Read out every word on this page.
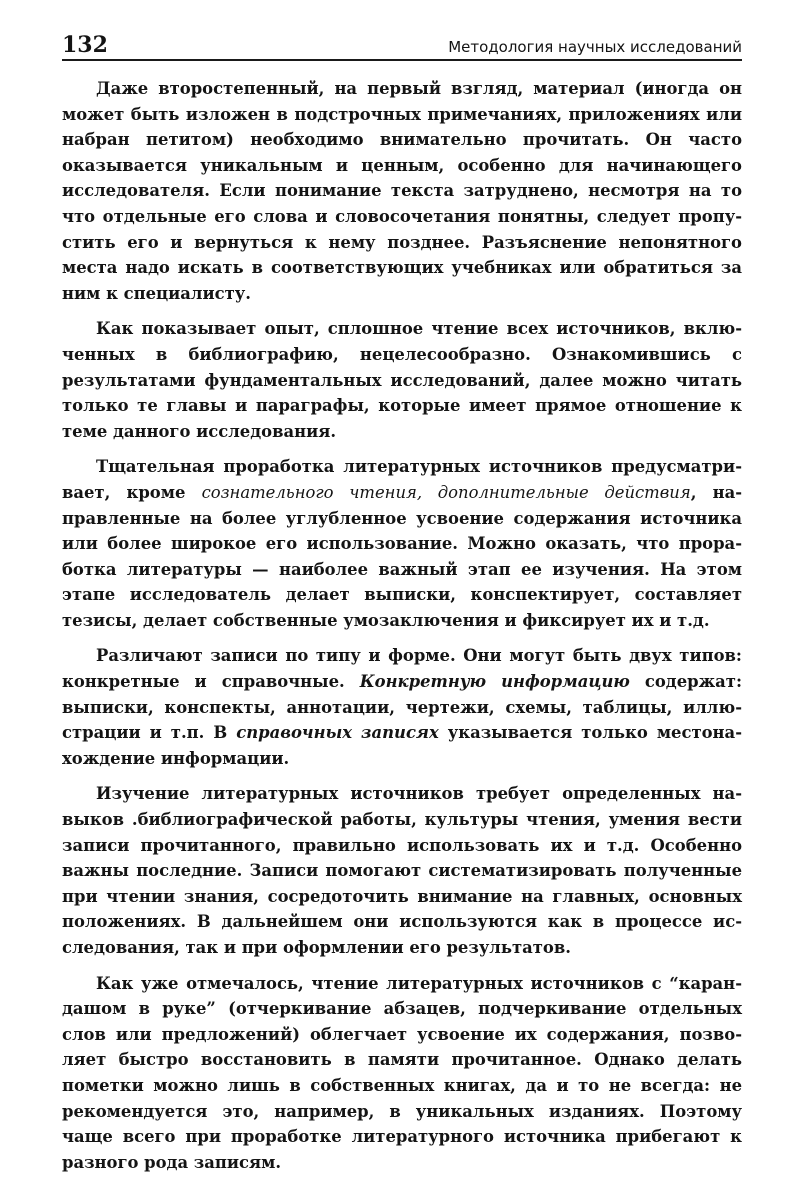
132	Методология научных исследований

Даже второстепенный, на первый взгляд, материал (иногда он может быть изложен в подстрочных примечаниях, приложениях или набран петитом) необходимо внимательно прочитать. Он часто оказывается уникальным и ценным, особенно для начинающего исследователя. Если понимание текста затруднено, несмотря на то что отдельные его слова и словосочетания понятны, следует пропустить его и вернуться к нему позднее. Разъяснение непонятного места надо искать в соответствующих учебниках или обратиться за ним к специалисту.

Как показывает опыт, сплошное чтение всех источников, включенных в библиографию, нецелесообразно. Ознакомившись с результатами фундаментальных исследований, далее можно читать только те главы и параграфы, которые имеет прямое отношение к теме данного исследования.

Тщательная проработка литературных источников предусматривает, кроме сознательного чтения, дополнительные действия, направленные на более углубленное усвоение содержания источника или более широкое его использование. Можно оказать, что проработка литературы — наиболее важный этап ее изучения. На этом этапе исследователь делает выписки, конспектирует, составляет тезисы, делает собственные умозаключения и фиксирует их и т.д.

Различают записи по типу и форме. Они могут быть двух типов: конкретные и справочные. Конкретную информацию содержат: выписки, конспекты, аннотации, чертежи, схемы, таблицы, иллюстрации и т.п. В справочных записях указывается только местонахождение информации.

Изучение литературных источников требует определенных навыков .библиографической работы, культуры чтения, умения вести записи прочитанного, правильно использовать их и т.д. Особенно важны последние. Записи помогают систематизировать полученные при чтении знания, сосредоточить внимание на главных, основных положениях. В дальнейшем они используются как в процессе исследования, так и при оформлении его результатов.

Как уже отмечалось, чтение литературных источников с “карандашом в руке” (отчеркивание абзацев, подчеркивание отдельных слов или предложений) облегчает усвоение их содержания, позволяет быстро восстановить в памяти прочитанное. Однако делать пометки можно лишь в собственных книгах, да и то не всегда: не рекомендуется это, например, в уникальных изданиях. Поэтому чаще всего при проработке литературного источника прибегают к разного рода записям.
